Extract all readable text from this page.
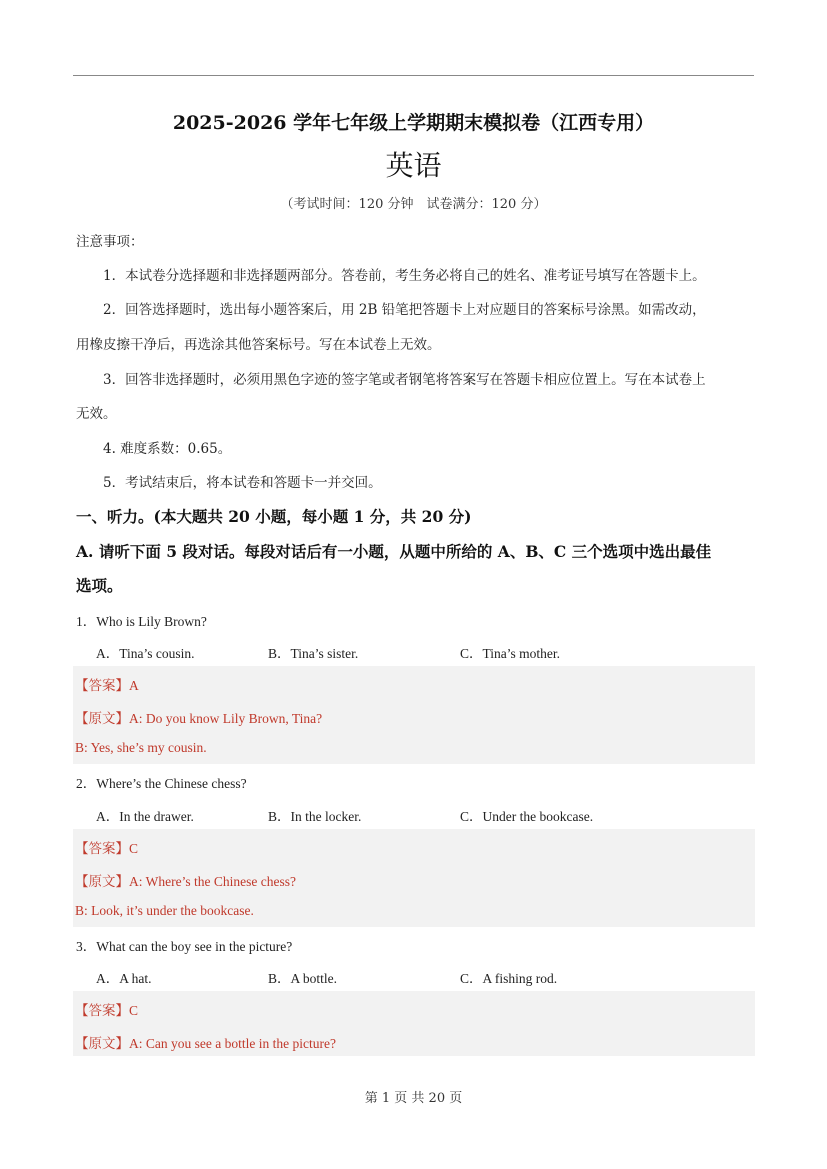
2025-2026 学年七年级上学期期末模拟卷（江西专用）
英语
（考试时间：120 分钟　试卷满分：120 分）
注意事项：
1．本试卷分选择题和非选择题两部分。答卷前，考生务必将自己的姓名、准考证号填写在答题卡上。
2．回答选择题时，选出每小题答案后，用 2B 铅笔把答题卡上对应题目的答案标号涂黑。如需改动，
用橡皮擦干净后，再选涂其他答案标号。写在本试卷上无效。
3．回答非选择题时，必须用黑色字迹的签字笔或者钢笔将答案写在答题卡相应位置上。写在本试卷上
无效。
4. 难度系数：0.65。
5．考试结束后，将本试卷和答题卡一并交回。
一、听力。(本大题共 20 小题，每小题 1 分，共 20 分)
A. 请听下面 5 段对话。每段对话后有一小题，从题中所给的 A、B、C 三个选项中选出最佳
选项。
1．Who is Lily Brown?
A．Tina’s cousin.	B．Tina’s sister.	C．Tina’s mother.
【答案】A
【原文】A: Do you know Lily Brown, Tina?
B: Yes, she’s my cousin.
2．Where’s the Chinese chess?
A．In the drawer.	B．In the locker.	C．Under the bookcase.
【答案】C
【原文】A: Where’s the Chinese chess?
B: Look, it’s under the bookcase.
3．What can the boy see in the picture?
A．A hat.	B．A bottle.	C．A fishing rod.
【答案】C
【原文】A: Can you see a bottle in the picture?
第 1 页 共 20 页
